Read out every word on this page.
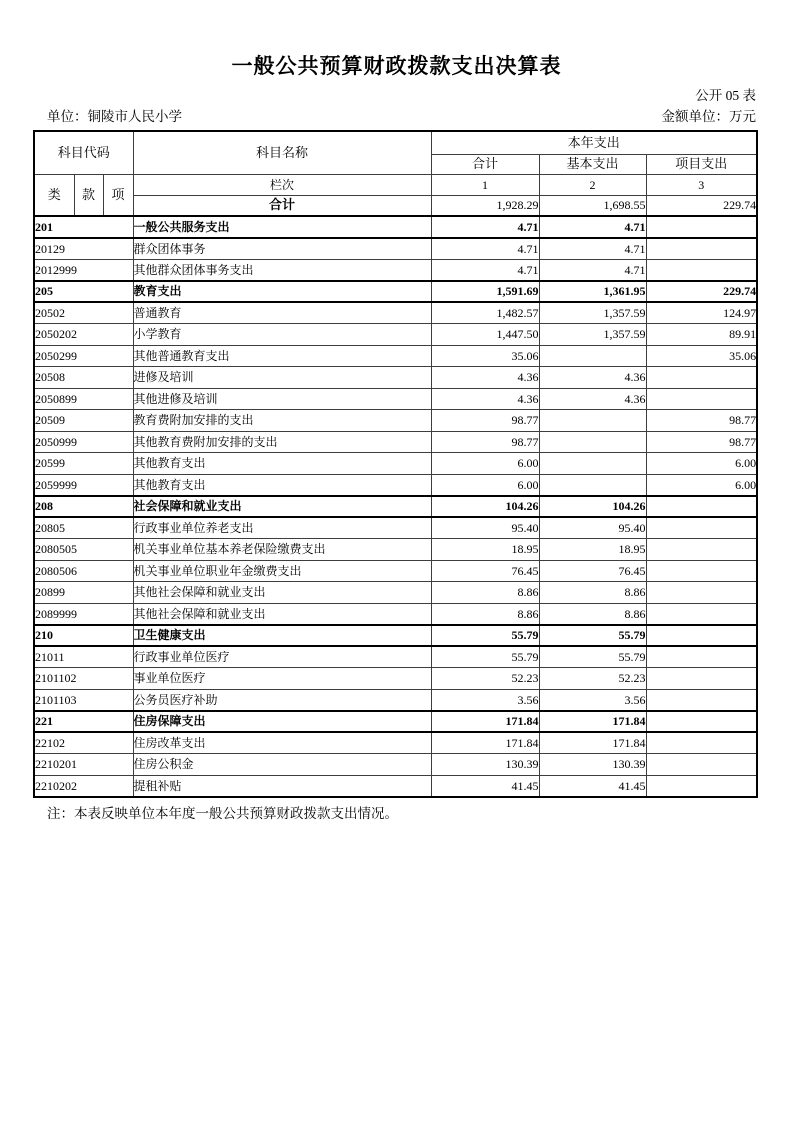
一般公共预算财政拨款支出决算表
公开 05 表
单位：铜陵市人民小学	金额单位：万元
科目代码			科目名称	本年支出		
				合计	基本支出	项目支出
类	款	项	栏次	1	2	3
			合计	1,928.29	1,698.55	229.74
201			一般公共服务支出	4.71	4.71	
20129			群众团体事务	4.71	4.71	
2012999			其他群众团体事务支出	4.71	4.71	
205			教育支出	1,591.69	1,361.95	229.74
20502			普通教育	1,482.57	1,357.59	124.97
2050202			小学教育	1,447.50	1,357.59	89.91
2050299			其他普通教育支出	35.06		35.06
20508			进修及培训	4.36	4.36	
2050899			其他进修及培训	4.36	4.36	
20509			教育费附加安排的支出	98.77		98.77
2050999			其他教育费附加安排的支出	98.77		98.77
20599			其他教育支出	6.00		6.00
2059999			其他教育支出	6.00		6.00
208			社会保障和就业支出	104.26	104.26	
20805			行政事业单位养老支出	95.40	95.40	
2080505			机关事业单位基本养老保险缴费支出	18.95	18.95	
2080506			机关事业单位职业年金缴费支出	76.45	76.45	
20899			其他社会保障和就业支出	8.86	8.86	
2089999			其他社会保障和就业支出	8.86	8.86	
210			卫生健康支出	55.79	55.79	
21011			行政事业单位医疗	55.79	55.79	
2101102			事业单位医疗	52.23	52.23	
2101103			公务员医疗补助	3.56	3.56	
221			住房保障支出	171.84	171.84	
22102			住房改革支出	171.84	171.84	
2210201			住房公积金	130.39	130.39	
2210202			提租补贴	41.45	41.45	
注：本表反映单位本年度一般公共预算财政拨款支出情况。
